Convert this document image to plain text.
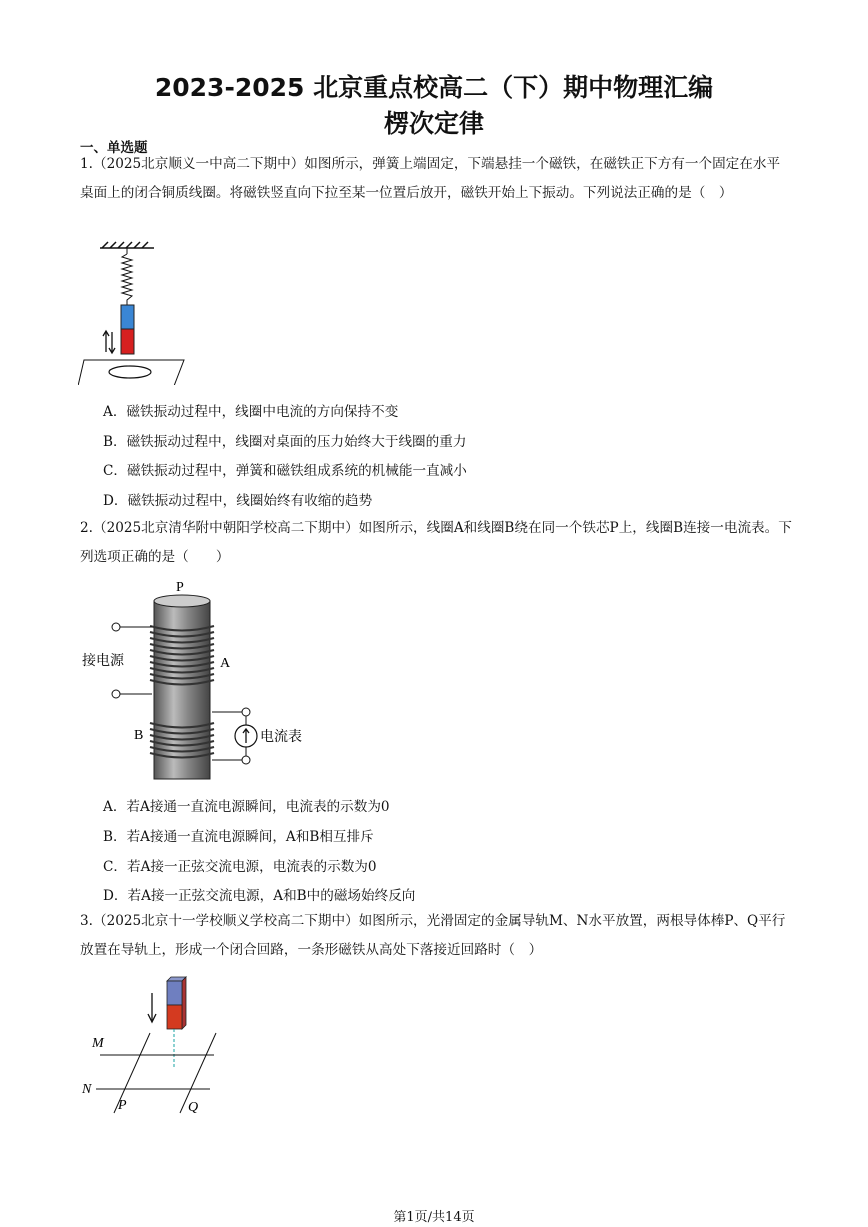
2023-2025 北京重点校高二（下）期中物理汇编
楞次定律
一、单选题
1.（2025北京顺义一中高二下期中）如图所示，弹簧上端固定，下端悬挂一个磁铁，在磁铁正下方有一个固定在水平桌面上的闭合铜质线圈。将磁铁竖直向下拉至某一位置后放开，磁铁开始上下振动。下列说法正确的是（　）
A．磁铁振动过程中，线圈中电流的方向保持不变
B．磁铁振动过程中，线圈对桌面的压力始终大于线圈的重力
C．磁铁振动过程中，弹簧和磁铁组成系统的机械能一直减小
D．磁铁振动过程中，线圈始终有收缩的趋势
2.（2025北京清华附中朝阳学校高二下期中）如图所示，线圈A和线圈B绕在同一个铁芯P上，线圈B连接一电流表。下列选项正确的是（　　）
P
接电源	A
B	电流表
A．若A接通一直流电源瞬间，电流表的示数为0
B．若A接通一直流电源瞬间，A和B相互排斥
C．若A接一正弦交流电源，电流表的示数为0
D．若A接一正弦交流电源，A和B中的磁场始终反向
3.（2025北京十一学校顺义学校高二下期中）如图所示，光滑固定的金属导轨M、N水平放置，两根导体棒P、Q平行放置在导轨上，形成一个闭合回路，一条形磁铁从高处下落接近回路时（　）
M
N
P	Q
第1页/共14页
